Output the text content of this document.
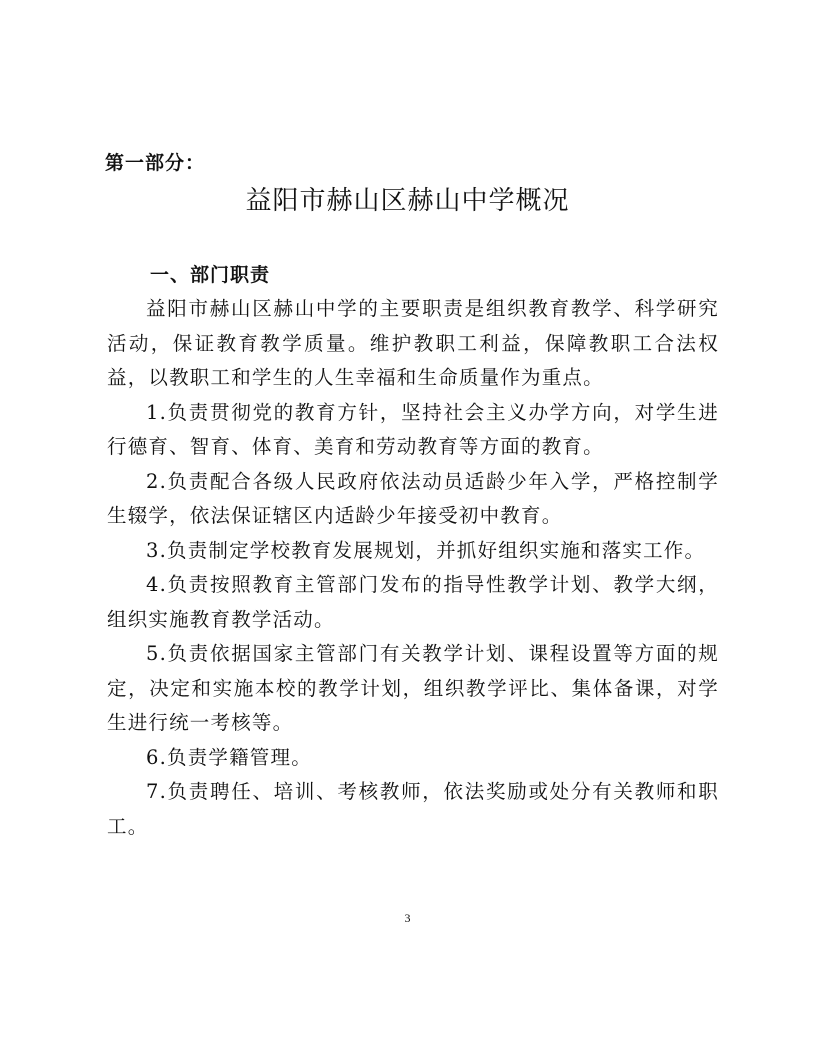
第一部分：
益阳市赫山区赫山中学概况
一、部门职责

益阳市赫山区赫山中学的主要职责是组织教育教学、科学研究活动，保证教育教学质量。维护教职工利益，保障教职工合法权益，以教职工和学生的人生幸福和生命质量作为重点。

1.负责贯彻党的教育方针，坚持社会主义办学方向，对学生进行德育、智育、体育、美育和劳动教育等方面的教育。

2.负责配合各级人民政府依法动员适龄少年入学，严格控制学生辍学，依法保证辖区内适龄少年接受初中教育。

3.负责制定学校教育发展规划，并抓好组织实施和落实工作。

4.负责按照教育主管部门发布的指导性教学计划、教学大纲，组织实施教育教学活动。

5.负责依据国家主管部门有关教学计划、课程设置等方面的规定，决定和实施本校的教学计划，组织教学评比、集体备课，对学生进行统一考核等。

6.负责学籍管理。

7.负责聘任、培训、考核教师，依法奖励或处分有关教师和职工。

3
